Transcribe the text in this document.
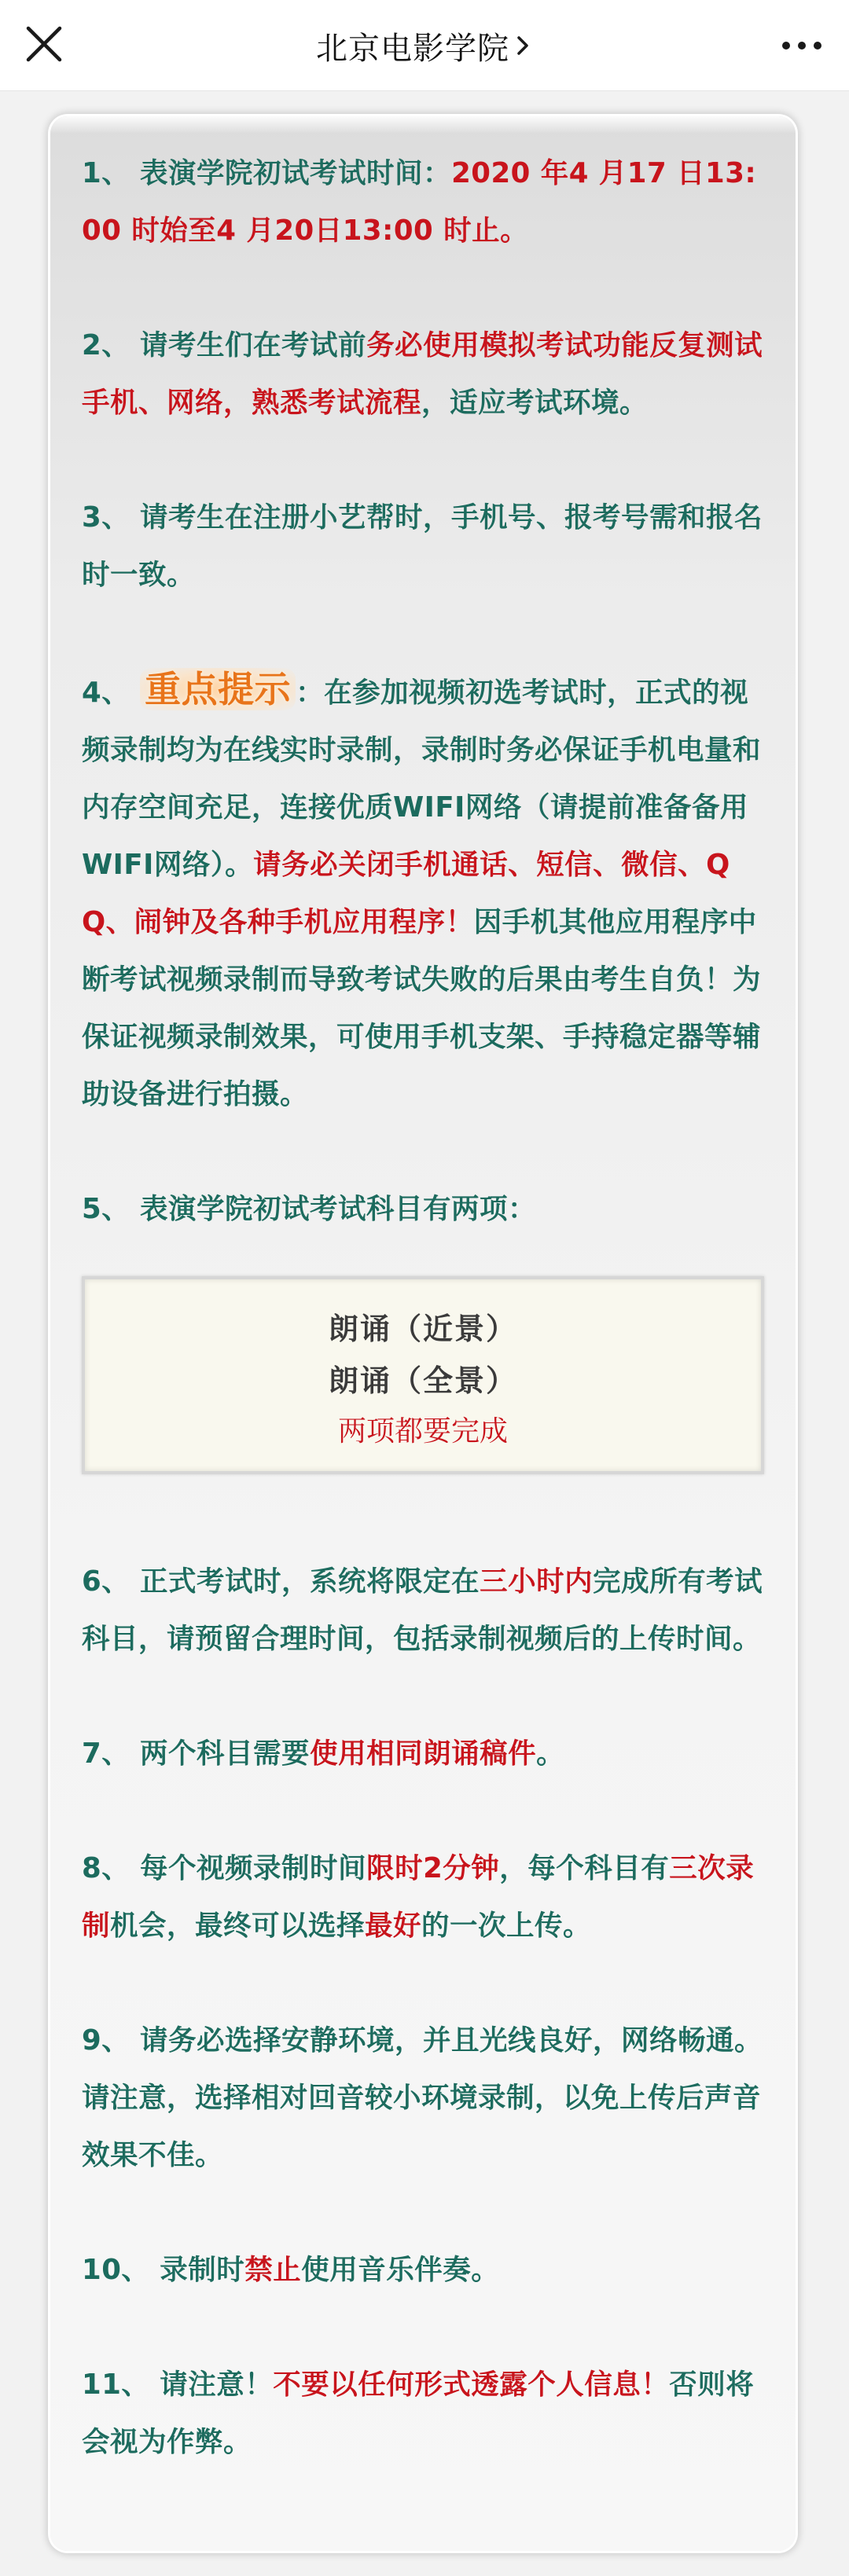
北京电影学院

1、 表演学院初试考试时间：2020 年4 月17 日13:00 时始至4 月20日13:00 时止。

2、 请考生们在考试前务必使用模拟考试功能反复测试手机、网络，熟悉考试流程，适应考试环境。

3、 请考生在注册小艺帮时，手机号、报考号需和报名时一致。

4、 重点提示 ：在参加视频初选考试时，正式的视频录制均为在线实时录制，录制时务必保证手机电量和内存空间充足，连接优质WIFI网络（请提前准备备用WIFI网络）。请务必关闭手机通话、短信、微信、QQ、闹钟及各种手机应用程序！因手机其他应用程序中断考试视频录制而导致考试失败的后果由考生自负！为保证视频录制效果，可使用手机支架、手持稳定器等辅助设备进行拍摄。

5、 表演学院初试考试科目有两项：

朗诵（近景）
朗诵（全景）
两项都要完成

6、 正式考试时，系统将限定在三小时内完成所有考试科目，请预留合理时间，包括录制视频后的上传时间。

7、 两个科目需要使用相同朗诵稿件。

8、 每个视频录制时间限时2分钟，每个科目有三次录制机会，最终可以选择最好的一次上传。

9、 请务必选择安静环境，并且光线良好，网络畅通。请注意，选择相对回音较小环境录制，以免上传后声音效果不佳。

10、 录制时禁止使用音乐伴奏。

11、 请注意！不要以任何形式透露个人信息！否则将会视为作弊。
